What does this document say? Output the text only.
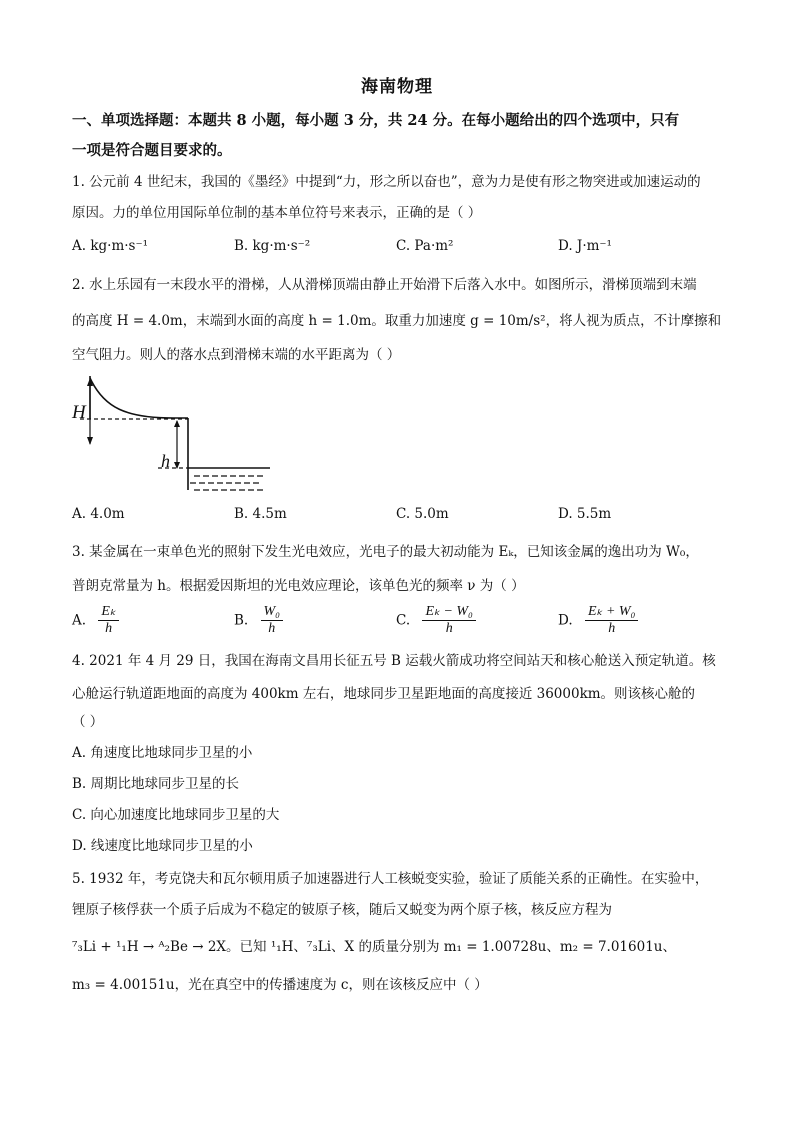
海南物理
一、单项选择题：本题共 8 小题，每小题 3 分，共 24 分。在每小题给出的四个选项中，只有
一项是符合题目要求的。
1. 公元前 4 世纪末，我国的《墨经》中提到“力，形之所以奋也”，意为力是使有形之物突进或加速运动的
原因。力的单位用国际单位制的基本单位符号来表示，正确的是（ ）
A. kg·m·s⁻¹	B. kg·m·s⁻²	C. Pa·m²	D. J·m⁻¹
2. 水上乐园有一末段水平的滑梯，人从滑梯顶端由静止开始滑下后落入水中。如图所示，滑梯顶端到末端
的高度 H = 4.0m，末端到水面的高度 h = 1.0m。取重力加速度 g = 10m/s²，将人视为质点，不计摩擦和
空气阻力。则人的落水点到滑梯末端的水平距离为（ ）
H
h
A. 4.0m	B. 4.5m	C. 5.0m	D. 5.5m
3. 某金属在一束单色光的照射下发生光电效应，光电子的最大初动能为 Eₖ，已知该金属的逸出功为 W₀，
普朗克常量为 h。根据爱因斯坦的光电效应理论，该单色光的频率 ν 为（ ）
A. $\frac{\text{Eₖ}}{h}$	B. $\frac{\text{W₀}}{h}$	C. $\frac{\text{Eₖ − W₀}}{h}$	D. $\frac{\text{Eₖ + W₀}}{h}$
4. 2021 年 4 月 29 日，我国在海南文昌用长征五号 B 运载火箭成功将空间站天和核心舱送入预定轨道。核
心舱运行轨道距地面的高度为 400km 左右，地球同步卫星距地面的高度接近 36000km。则该核心舱的
（ ）
A. 角速度比地球同步卫星的小
B. 周期比地球同步卫星的长
C. 向心加速度比地球同步卫星的大
D. 线速度比地球同步卫星的小
5. 1932 年，考克饶夫和瓦尔顿用质子加速器进行人工核蜕变实验，验证了质能关系的正确性。在实验中，
锂原子核俘获一个质子后成为不稳定的铍原子核，随后又蜕变为两个原子核，核反应方程为
⁷₃Li + ¹₁H → ᴬ₂Be → 2X。已知 ¹₁H、⁷₃Li、X 的质量分别为 m₁ = 1.00728u、m₂ = 7.01601u、
m₃ = 4.00151u，光在真空中的传播速度为 c，则在该核反应中（ ）
